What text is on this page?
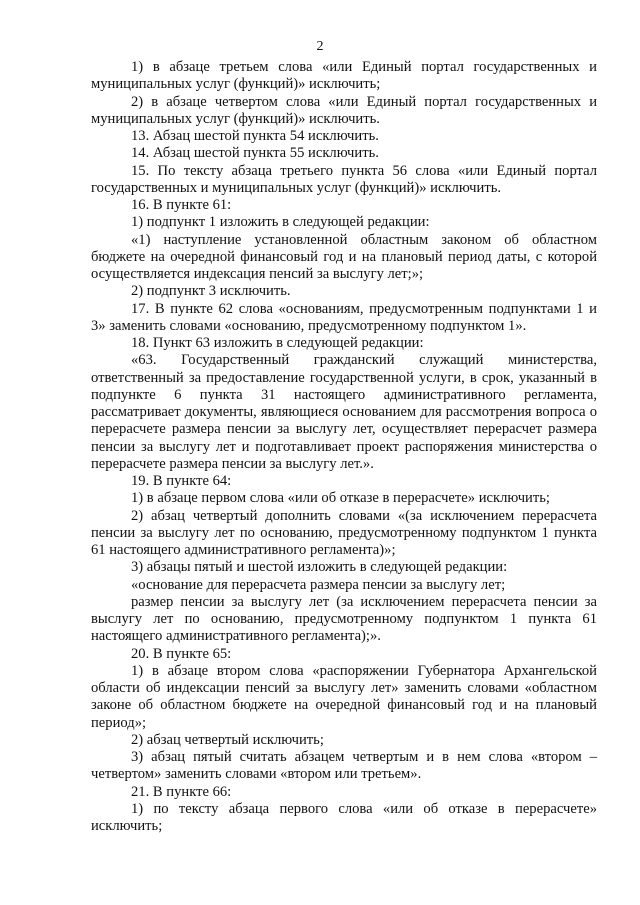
2

1) в абзаце третьем слова «или Единый портал государственных и муниципальных услуг (функций)» исключить;

2) в абзаце четвертом слова «или Единый портал государственных и муниципальных услуг (функций)» исключить.

13. Абзац шестой пункта 54 исключить.

14. Абзац шестой пункта 55 исключить.

15. По тексту абзаца третьего пункта 56 слова «или Единый портал государственных и муниципальных услуг (функций)» исключить.

16. В пункте 61:

1) подпункт 1 изложить в следующей редакции:

«1) наступление установленной областным законом об областном бюджете на очередной финансовый год и на плановый период даты, с которой осуществляется индексация пенсий за выслугу лет;»;

2) подпункт 3 исключить.

17. В пункте 62 слова «основаниям, предусмотренным подпунктами 1 и 3» заменить словами «основанию, предусмотренному подпунктом 1».

18. Пункт 63 изложить в следующей редакции:

«63. Государственный гражданский служащий министерства, ответственный за предоставление государственной услуги, в срок, указанный в подпункте 6 пункта 31 настоящего административного регламента, рассматривает документы, являющиеся основанием для рассмотрения вопроса о перерасчете размера пенсии за выслугу лет, осуществляет перерасчет размера пенсии за выслугу лет и подготавливает проект распоряжения министерства о перерасчете размера пенсии за выслугу лет.».

19. В пункте 64:

1) в абзаце первом слова «или об отказе в перерасчете» исключить;

2) абзац четвертый дополнить словами «(за исключением перерасчета пенсии за выслугу лет по основанию, предусмотренному подпунктом 1 пункта 61 настоящего административного регламента)»;

3) абзацы пятый и шестой изложить в следующей редакции:

«основание для перерасчета размера пенсии за выслугу лет;

размер пенсии за выслугу лет (за исключением перерасчета пенсии за выслугу лет по основанию, предусмотренному подпунктом 1 пункта 61 настоящего административного регламента);».

20. В пункте 65:

1) в абзаце втором слова «распоряжении Губернатора Архангельской области об индексации пенсий за выслугу лет» заменить словами «областном законе об областном бюджете на очередной финансовый год и на плановый период»;

2) абзац четвертый исключить;

3) абзац пятый считать абзацем четвертым и в нем слова «втором – четвертом» заменить словами «втором или третьем».

21. В пункте 66:

1) по тексту абзаца первого слова «или об отказе в перерасчете» исключить;
